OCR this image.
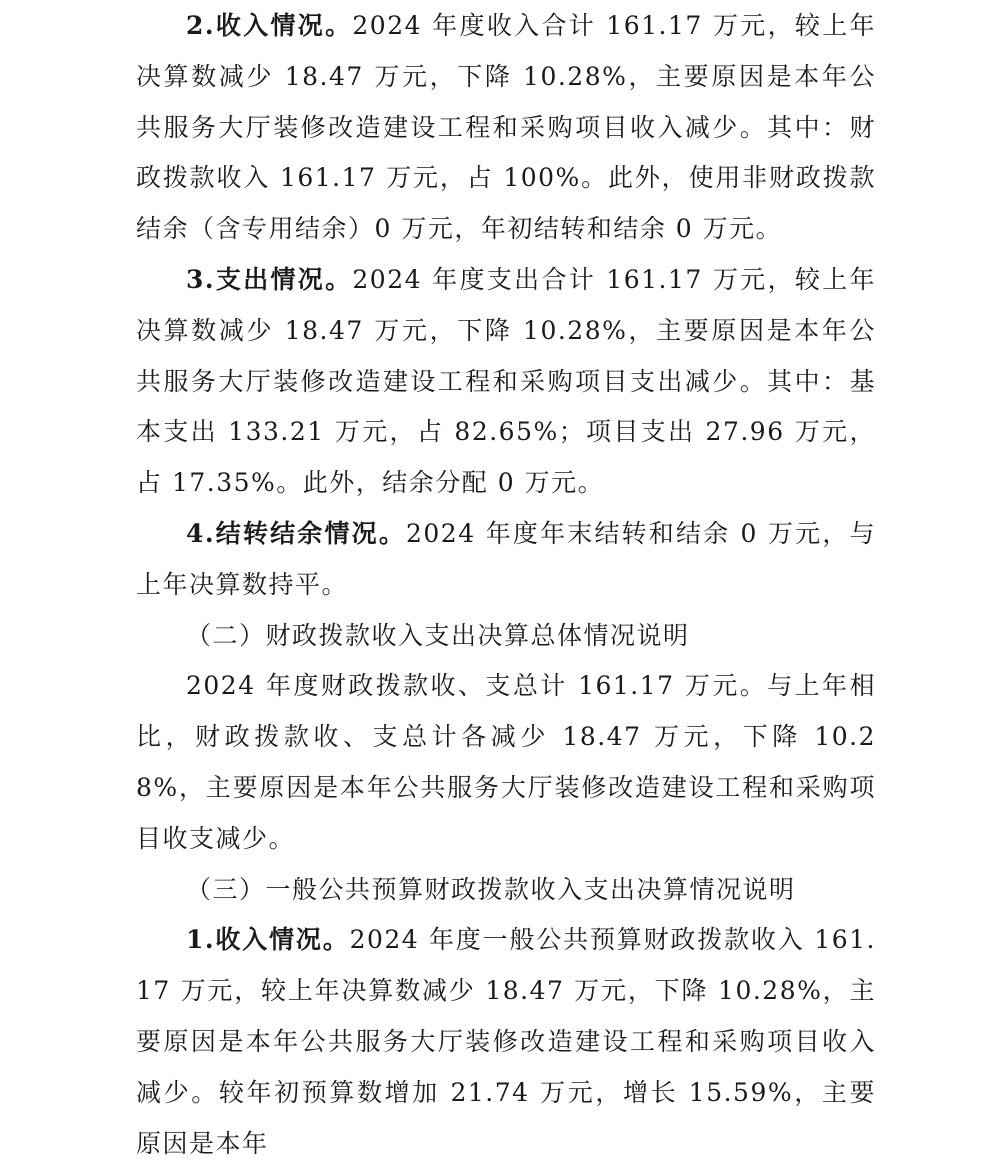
2.收入情况。2024 年度收入合计 161.17 万元，较上年决算数减少 18.47 万元，下降 10.28%，主要原因是本年公共服务大厅装修改造建设工程和采购项目收入减少。其中：财政拨款收入 161.17 万元，占 100%。此外，使用非财政拨款结余（含专用结余）0 万元，年初结转和结余 0 万元。

3.支出情况。2024 年度支出合计 161.17 万元，较上年决算数减少 18.47 万元，下降 10.28%，主要原因是本年公共服务大厅装修改造建设工程和采购项目支出减少。其中：基本支出 133.21 万元，占 82.65%；项目支出 27.96 万元，占 17.35%。此外，结余分配 0 万元。

4.结转结余情况。2024 年度年末结转和结余 0 万元，与上年决算数持平。

（二）财政拨款收入支出决算总体情况说明

2024 年度财政拨款收、支总计 161.17 万元。与上年相比，财政拨款收、支总计各减少 18.47 万元，下降 10.28%，主要原因是本年公共服务大厅装修改造建设工程和采购项目收支减少。

（三）一般公共预算财政拨款收入支出决算情况说明

1.收入情况。2024 年度一般公共预算财政拨款收入 161.17 万元，较上年决算数减少 18.47 万元，下降 10.28%，主要原因是本年公共服务大厅装修改造建设工程和采购项目收入减少。较年初预算数增加 21.74 万元，增长 15.59%，主要原因是本年
